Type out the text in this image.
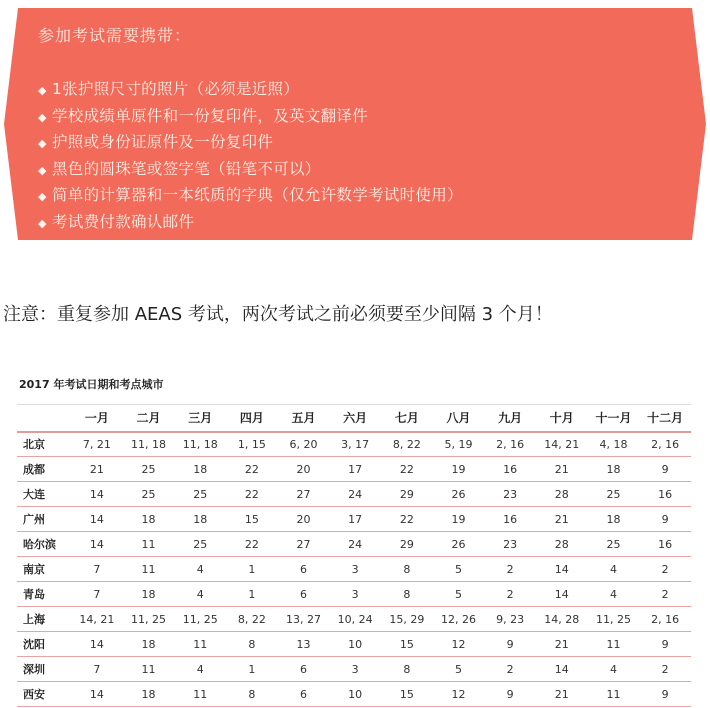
参加考试需要携带：
◆ 1张护照尺寸的照片（必须是近照）
◆ 学校成绩单原件和一份复印件，及英文翻译件
◆ 护照或身份证原件及一份复印件
◆ 黑色的圆珠笔或签字笔（铅笔不可以）
◆ 简单的计算器和一本纸质的字典（仅允许数学考试时使用）
◆ 考试费付款确认邮件
注意：重复参加 AEAS 考试，两次考试之前必须要至少间隔 3 个月！
2017 年考试日期和考点城市
	一月	二月	三月	四月	五月	六月	七月	八月	九月	十月	十一月	十二月
北京	7, 21	11, 18	11, 18	1, 15	6, 20	3, 17	8, 22	5, 19	2, 16	14, 21	4, 18	2, 16
成都	21	25	18	22	20	17	22	19	16	21	18	9
大连	14	25	25	22	27	24	29	26	23	28	25	16
广州	14	18	18	15	20	17	22	19	16	21	18	9
哈尔滨	14	11	25	22	27	24	29	26	23	28	25	16
南京	7	11	4	1	6	3	8	5	2	14	4	2
青岛	7	18	4	1	6	3	8	5	2	14	4	2
上海	14, 21	11, 25	11, 25	8, 22	13, 27	10, 24	15, 29	12, 26	9, 23	14, 28	11, 25	2, 16
沈阳	14	18	11	8	13	10	15	12	9	21	11	9
深圳	7	11	4	1	6	3	8	5	2	14	4	2
西安	14	18	11	8	6	10	15	12	9	21	11	9
